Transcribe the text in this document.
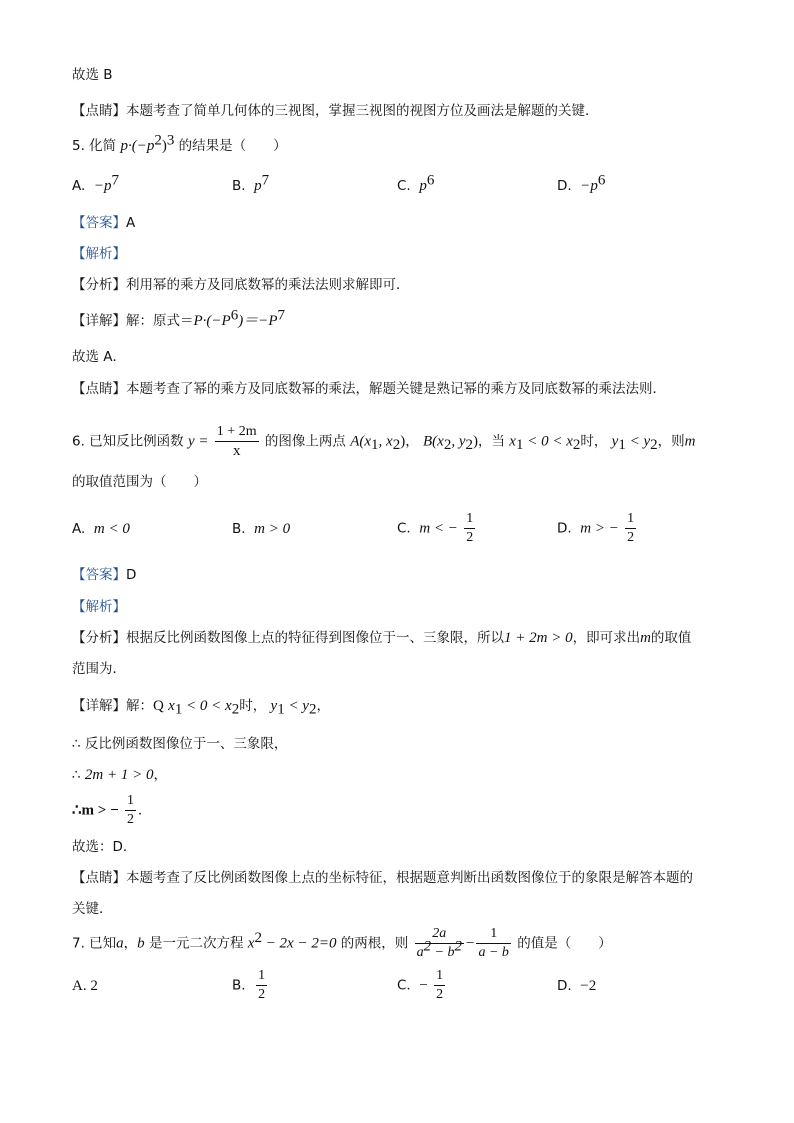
故选 B
【点睛】本题考查了简单几何体的三视图，掌握三视图的视图方位及画法是解题的关键．
5. 化简 $p\cdot(-p^2)^3$ 的结果是（　　）
A. $-p^7$	B. $p^7$	C. $p^6$	D. $-p^6$
【答案】A
【解析】
【分析】利用幂的乘方及同底数幂的乘法法则求解即可．
【详解】解：原式$=P\cdot(-P^6)=-P^7$
故选 A．
【点睛】本题考查了幂的乘方及同底数幂的乘法，解题关键是熟记幂的乘方及同底数幂的乘法法则．
6. 已知反比例函数 $y = \frac{1 + 2m}{x}$ 的图像上两点 $A(x_1$, $x_2$)， $B(x_2$, $y_2$)，当 $x_1 < 0 < x_2$时， $y_1 < y_2$，则m
的取值范围为（　　）
A. m < 0	B. m > 0	C. m < − $\frac{1}{2}$	D. m > − $\frac{1}{2}$
【答案】D
【解析】
【分析】根据反比例函数图像上点的特征得到图像位于一、三象限，所以1 + 2m > 0，即可求出m的取值
范围为．
【详解】解：Q $x_1 < 0 < x_2$时， $y_1 < y_2$，
∴ 反比例函数图像位于一、三象限，
∴ 2m + 1 > 0，
∴m > − $\frac{1}{2}$ ．
故选：D．
【点睛】本题考查了反比例函数图像上点的坐标特征，根据题意判断出函数图像位于的象限是解答本题的
关键．
7. 已知a，b 是一元二次方程 $x^2 - 2x - 2=0$ 的两根，则 $\frac{2a}{a^2 - b^2} - \frac{1}{a - b}$ 的值是（　　）
A. 2	B. $\frac{1}{2}$	C. − $\frac{1}{2}$	D. −2
